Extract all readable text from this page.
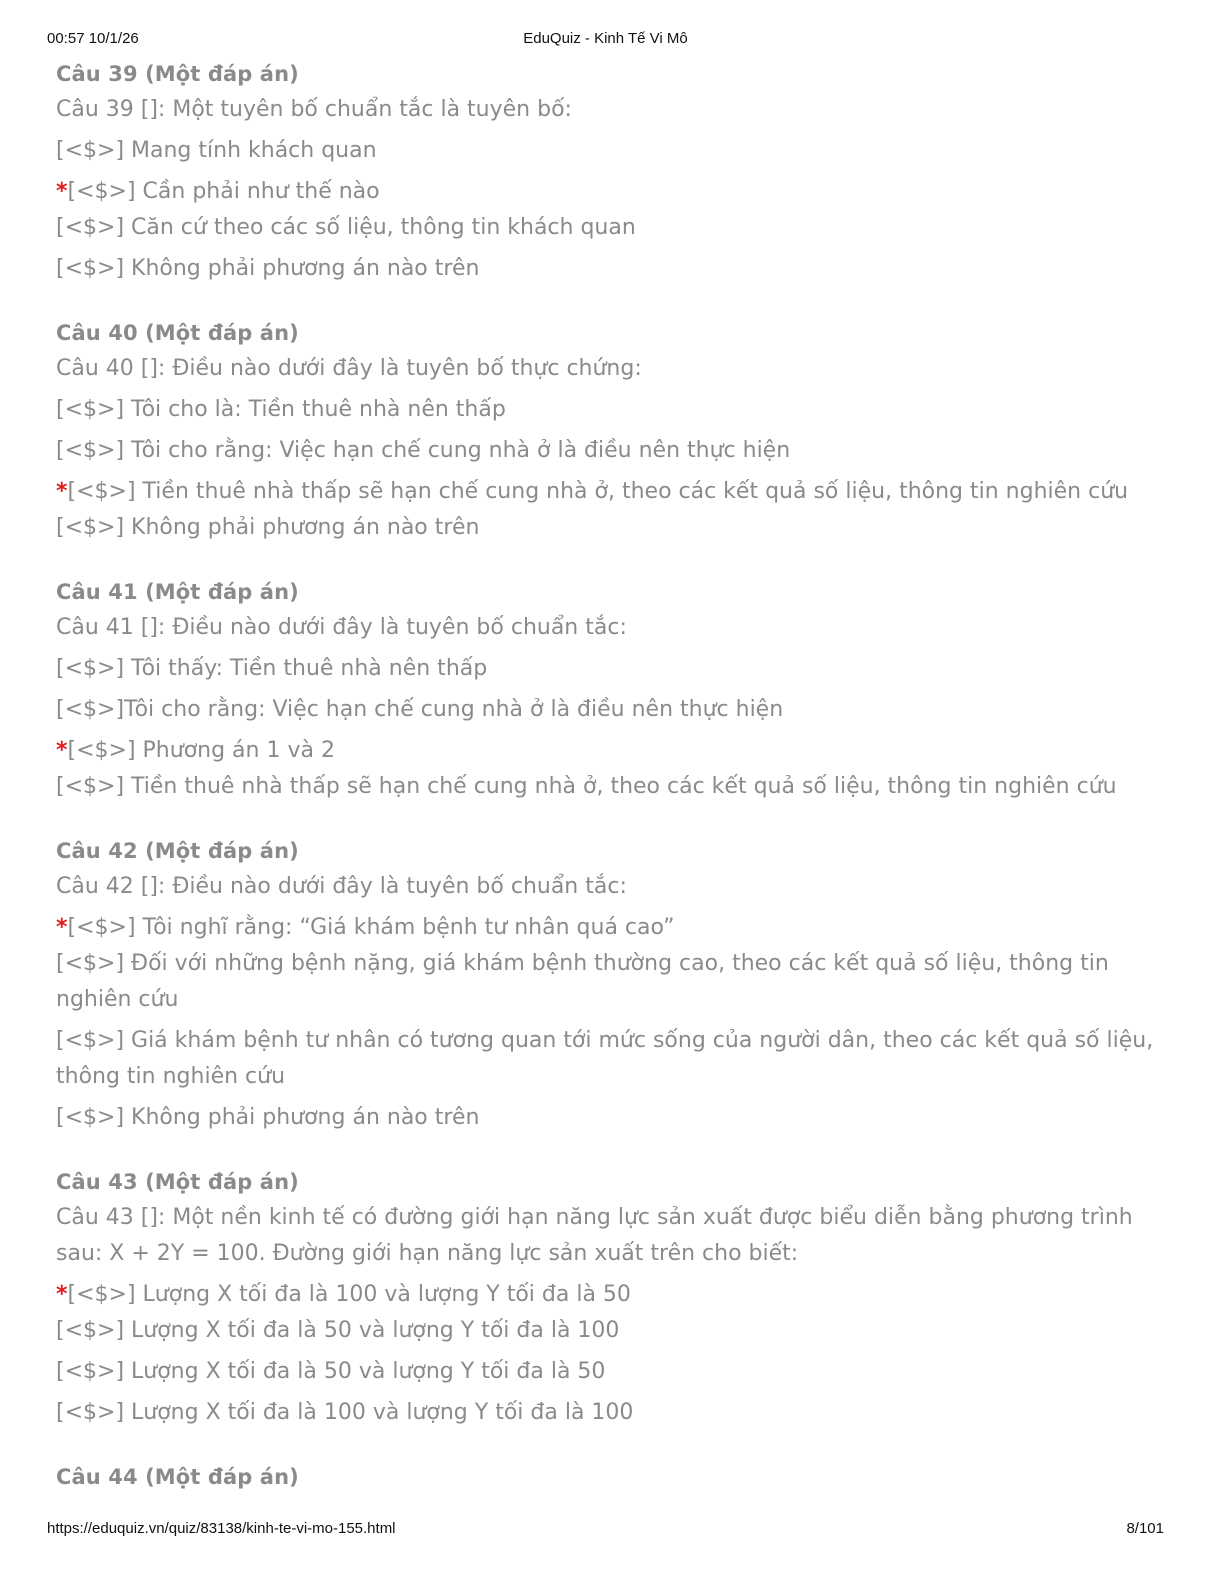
EduQuiz - Kinh Tế Vi Mô
00:57 10/1/26
Câu 39 (Một đáp án)
Câu 39 []: Một tuyên bố chuẩn tắc là tuyên bố:
[<$>] Mang tính khách quan
*[<$>] Cần phải như thế nào
[<$>] Căn cứ theo các số liệu, thông tin khách quan
[<$>] Không phải phương án nào trên
Câu 40 (Một đáp án)
Câu 40 []: Điều nào dưới đây là tuyên bố thực chứng:
[<$>] Tôi cho là: Tiền thuê nhà nên thấp
[<$>] Tôi cho rằng: Việc hạn chế cung nhà ở là điều nên thực hiện
*[<$>] Tiền thuê nhà thấp sẽ hạn chế cung nhà ở, theo các kết quả số liệu, thông tin nghiên cứu
[<$>] Không phải phương án nào trên
Câu 41 (Một đáp án)
Câu 41 []: Điều nào dưới đây là tuyên bố chuẩn tắc:
[<$>] Tôi thấy: Tiền thuê nhà nên thấp
[<$>]Tôi cho rằng: Việc hạn chế cung nhà ở là điều nên thực hiện
*[<$>] Phương án 1 và 2
[<$>] Tiền thuê nhà thấp sẽ hạn chế cung nhà ở, theo các kết quả số liệu, thông tin nghiên cứu
Câu 42 (Một đáp án)
Câu 42 []: Điều nào dưới đây là tuyên bố chuẩn tắc:
*[<$>] Tôi nghĩ rằng: “Giá khám bệnh tư nhân quá cao”
[<$>] Đối với những bệnh nặng, giá khám bệnh thường cao, theo các kết quả số liệu, thông tin nghiên cứu
[<$>] Giá khám bệnh tư nhân có tương quan tới mức sống của người dân, theo các kết quả số liệu, thông tin nghiên cứu
[<$>] Không phải phương án nào trên
Câu 43 (Một đáp án)
Câu 43 []: Một nền kinh tế có đường giới hạn năng lực sản xuất được biểu diễn bằng phương trình sau: X + 2Y = 100. Đường giới hạn năng lực sản xuất trên cho biết:
*[<$>] Lượng X tối đa là 100 và lượng Y tối đa là 50
[<$>] Lượng X tối đa là 50 và lượng Y tối đa là 100
[<$>] Lượng X tối đa là 50 và lượng Y tối đa là 50
[<$>] Lượng X tối đa là 100 và lượng Y tối đa là 100
Câu 44 (Một đáp án)
https://eduquiz.vn/quiz/83138/kinh-te-vi-mo-155.html	8/101
